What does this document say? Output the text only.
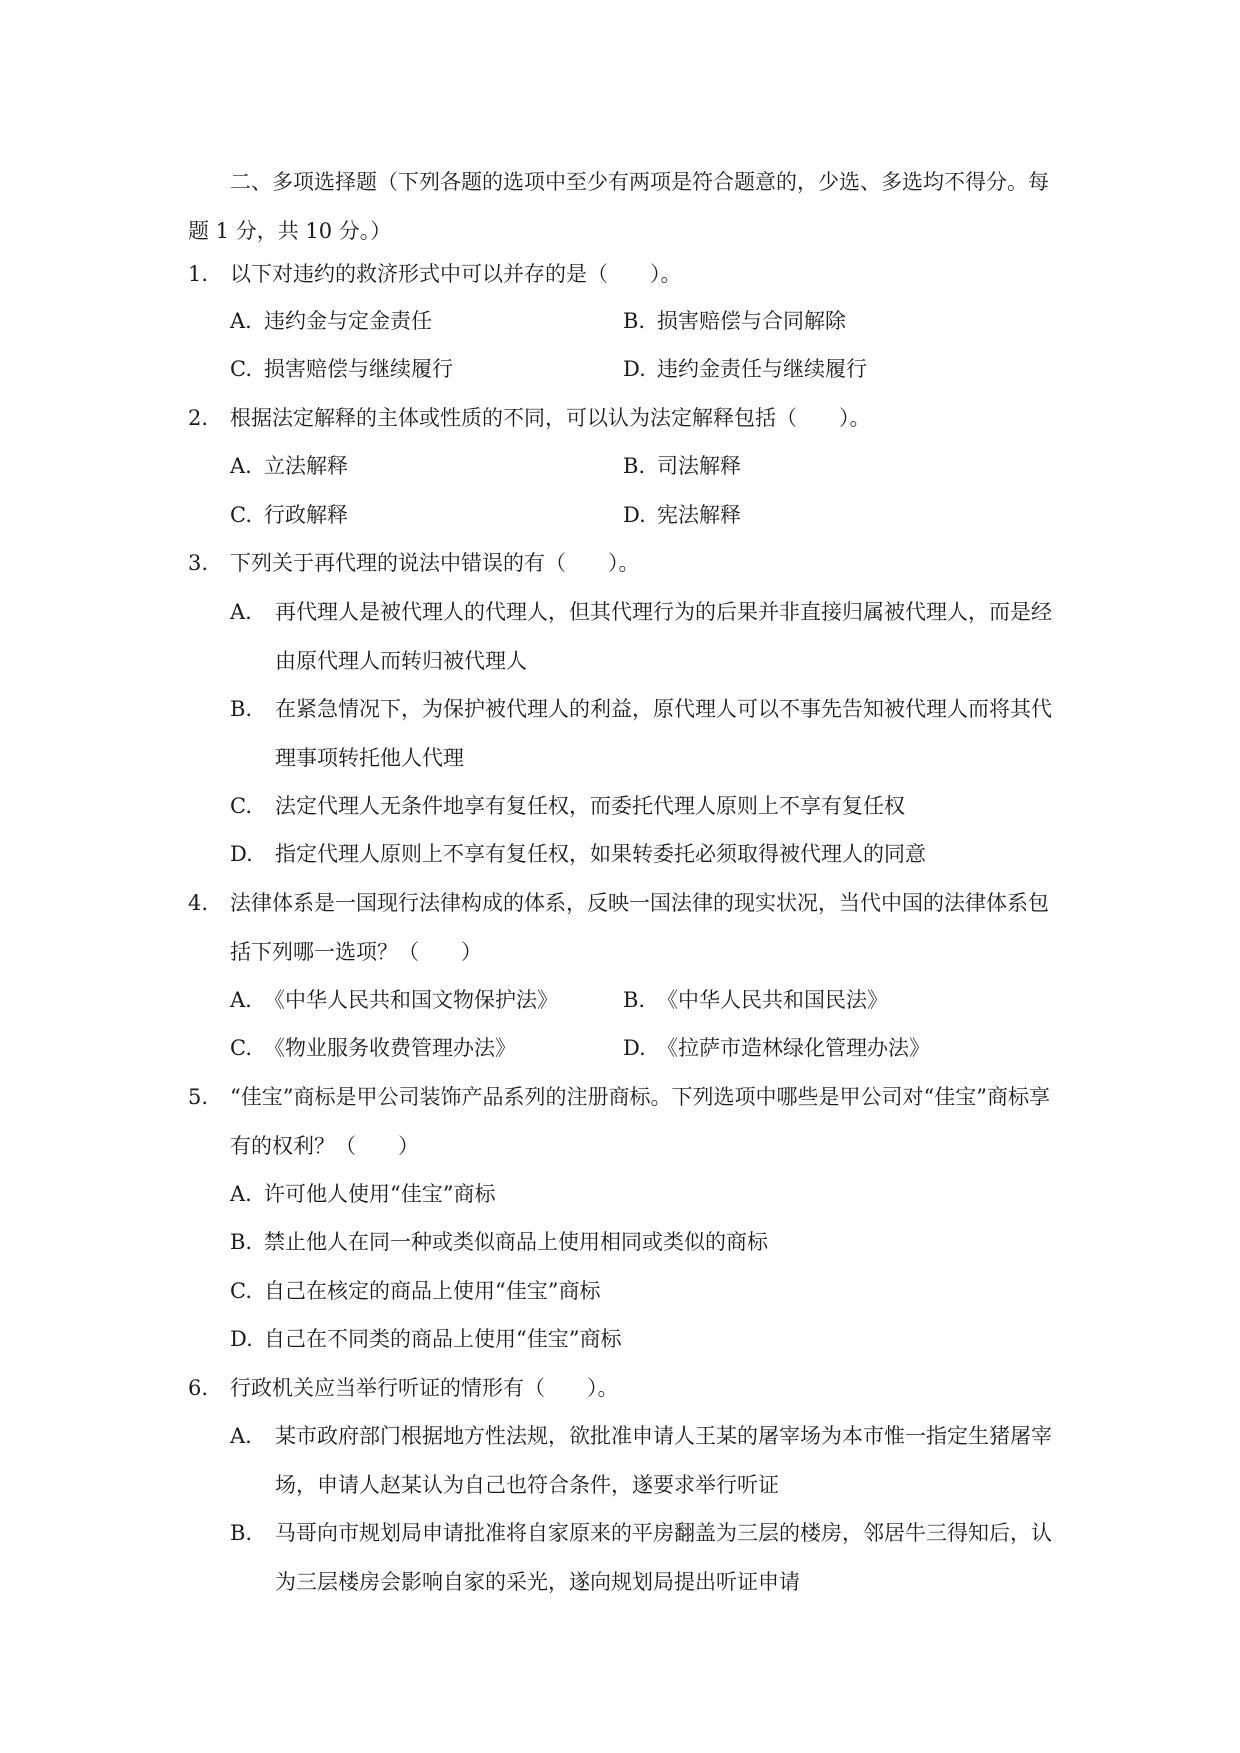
二、多项选择题（下列各题的选项中至少有两项是符合题意的，少选、多选均不得分。每题 1 分，共 10 分。）

1.	以下对违约的救济形式中可以并存的是（　　）。
A. 违约金与定金责任	B. 损害赔偿与合同解除
C. 损害赔偿与继续履行	D. 违约金责任与继续履行
2.	根据法定解释的主体或性质的不同，可以认为法定解释包括（　　）。
A. 立法解释	B. 司法解释
C. 行政解释	D. 宪法解释
3.	下列关于再代理的说法中错误的有（　　）。
A. 再代理人是被代理人的代理人，但其代理行为的后果并非直接归属被代理人，而是经由原代理人而转归被代理人
B. 在紧急情况下，为保护被代理人的利益，原代理人可以不事先告知被代理人而将其代理事项转托他人代理
C. 法定代理人无条件地享有复任权，而委托代理人原则上不享有复任权
D. 指定代理人原则上不享有复任权，如果转委托必须取得被代理人的同意
4.	法律体系是一国现行法律构成的体系，反映一国法律的现实状况，当代中国的法律体系包括下列哪一选项？（　　）
A. 《中华人民共和国文物保护法》	B. 《中华人民共和国民法》
C. 《物业服务收费管理办法》	D. 《拉萨市造林绿化管理办法》
5.	“佳宝”商标是甲公司装饰产品系列的注册商标。下列选项中哪些是甲公司对“佳宝”商标享有的权利？（　　）
A. 许可他人使用“佳宝”商标
B. 禁止他人在同一种或类似商品上使用相同或类似的商标
C. 自己在核定的商品上使用“佳宝”商标
D. 自己在不同类的商品上使用“佳宝”商标
6.	行政机关应当举行听证的情形有（　　）。
A. 某市政府部门根据地方性法规，欲批准申请人王某的屠宰场为本市惟一指定生猪屠宰场，申请人赵某认为自己也符合条件，遂要求举行听证
B. 马哥向市规划局申请批准将自家原来的平房翻盖为三层的楼房，邻居牛三得知后，认为三层楼房会影响自家的采光，遂向规划局提出听证申请
